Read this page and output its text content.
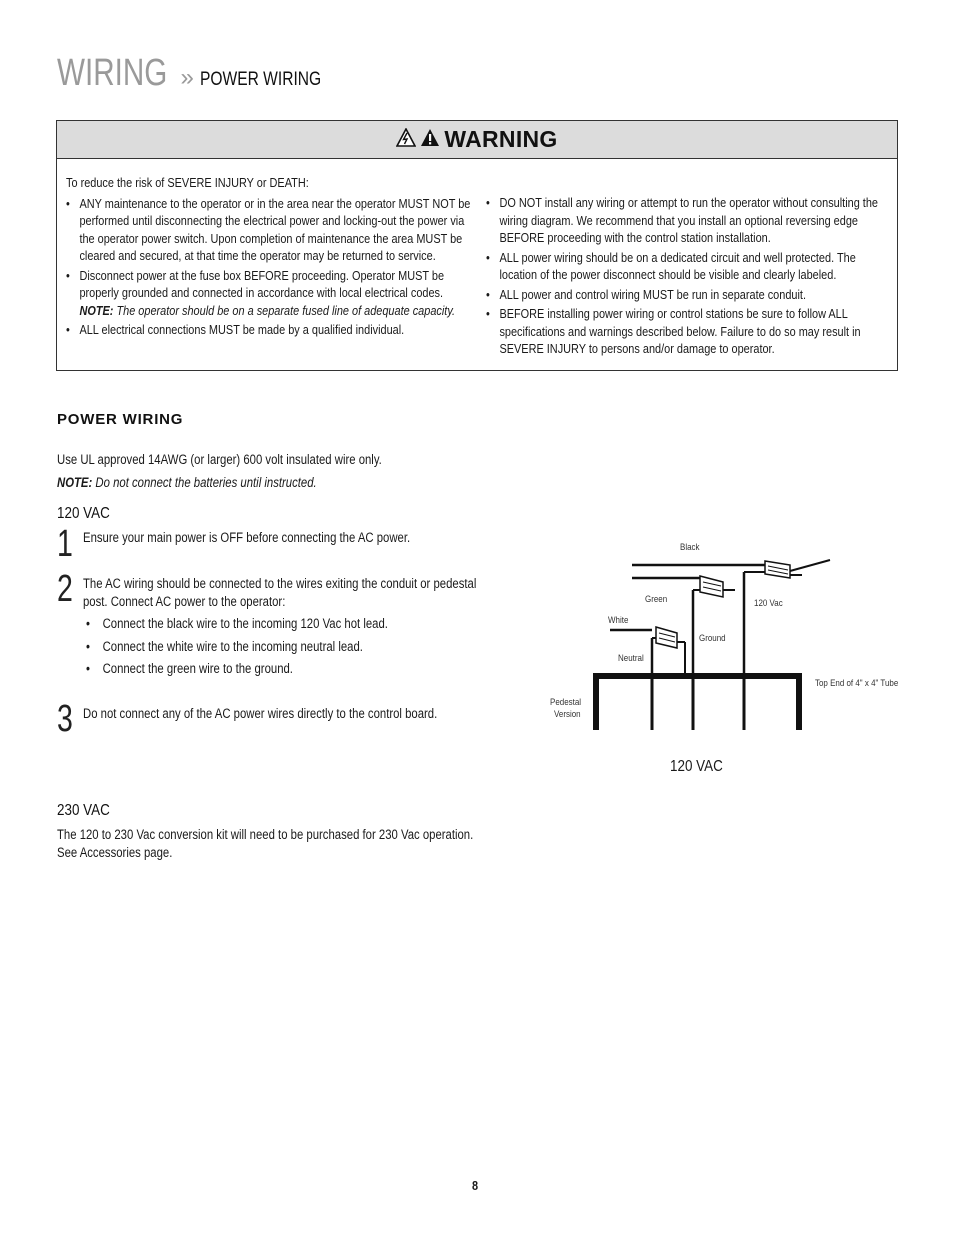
WIRING » POWER WIRING
WARNING
To reduce the risk of SEVERE INJURY or DEATH:
• ANY maintenance to the operator or in the area near the operator MUST NOT be performed until disconnecting the electrical power and locking-out the power via the operator power switch. Upon completion of maintenance the area MUST be cleared and secured, at that time the operator may be returned to service.
• Disconnect power at the fuse box BEFORE proceeding. Operator MUST be properly grounded and connected in accordance with local electrical codes. NOTE: The operator should be on a separate fused line of adequate capacity.
• ALL electrical connections MUST be made by a qualified individual.
• DO NOT install any wiring or attempt to run the operator without consulting the wiring diagram. We recommend that you install an optional reversing edge BEFORE proceeding with the control station installation.
• ALL power wiring should be on a dedicated circuit and well protected. The location of the power disconnect should be visible and clearly labeled.
• ALL power and control wiring MUST be run in separate conduit.
• BEFORE installing power wiring or control stations be sure to follow ALL specifications and warnings described below. Failure to do so may result in SEVERE INJURY to persons and/or damage to operator.
POWER WIRING
Use UL approved 14AWG (or larger) 600 volt insulated wire only.
NOTE: Do not connect the batteries until instructed.
120 VAC
1 Ensure your main power is OFF before connecting the AC power.
2 The AC wiring should be connected to the wires exiting the conduit or pedestal
post. Connect AC power to the operator:
•    Connect the black wire to the incoming 120 Vac hot lead.
•    Connect the white wire to the incoming neutral lead.
•    Connect the green wire to the ground.
3 Do not connect any of the AC power wires directly to the control board.
230 VAC
The 120 to 230 Vac conversion kit will need to be purchased for 230 Vac operation.
See Accessories page.
Black
Green	120 Vac
White
Ground
Neutral
Top End of 4" x 4" Tube
Pedestal
Version
120 VAC
8
